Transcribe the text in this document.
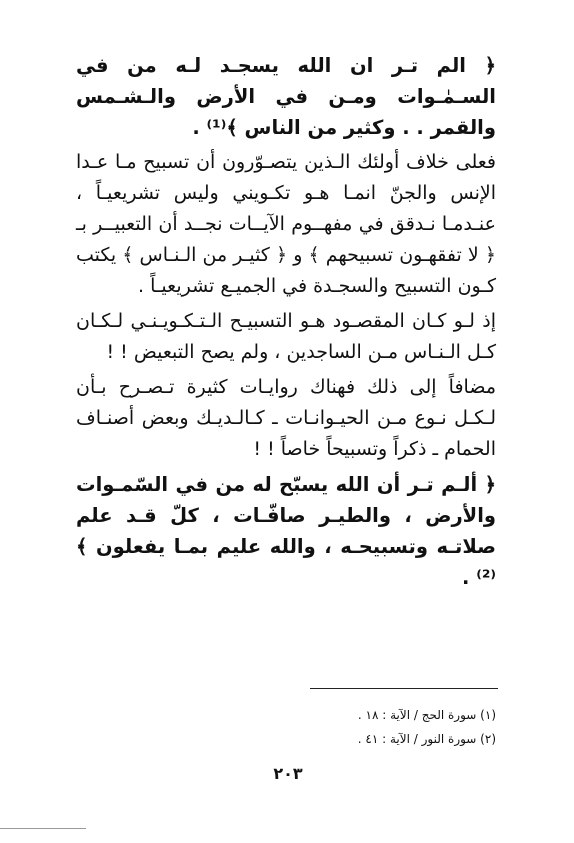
﴿ الم تـر ان الله يسجـد لـه من في السـمٰـوات ومـن في الأرض والـشـمس والقمر . . وكثير من الناس ﴾⁽¹⁾ .

فعلى خلاف أولئك الـذين يتصـوّرون أن تسبيح مـا عـدا الإنس والجنّ انمـا هـو تكـويني وليس تشريعيـاً ، عنـدمـا نـدقق في مفهــوم الآيــات نجــد أن التعبيــر بـ ﴿ لا تفقهـون تسبيحهم ﴾ و ﴿ كثيـر من الـنـاس ﴾ يكتب كـون التسبيح والسجـدة في الجميـع تشريعيـاً .

إذ لـو كـان المقصـود هـو التسبيـح الـتـكـويـنـي لـكـان كـل الـنـاس مـن الساجدين ، ولم يصح التبعيض ! !

مضافاً إلى ذلك فهناك روايـات كثيرة تـصـرح بـأن لـكـل نـوع مـن الحيـوانـات ـ كـالـديـك وبعض أصنـاف الحمام ـ ذكراً وتسبيحاً خاصاً ! !

﴿ ألـم تـر أن الله يسبّح له من في السّمـوات والأرض ، والطيـر صافّـات ، كلّ قـد علم صلاتـه وتسبيحـه ، والله عليم بمـا يفعلون ﴾⁽²⁾ .

(١) سورة الحج / الآية : ١٨ .

(٢) سورة النور / الآية : ٤١ .

٢٠٣
